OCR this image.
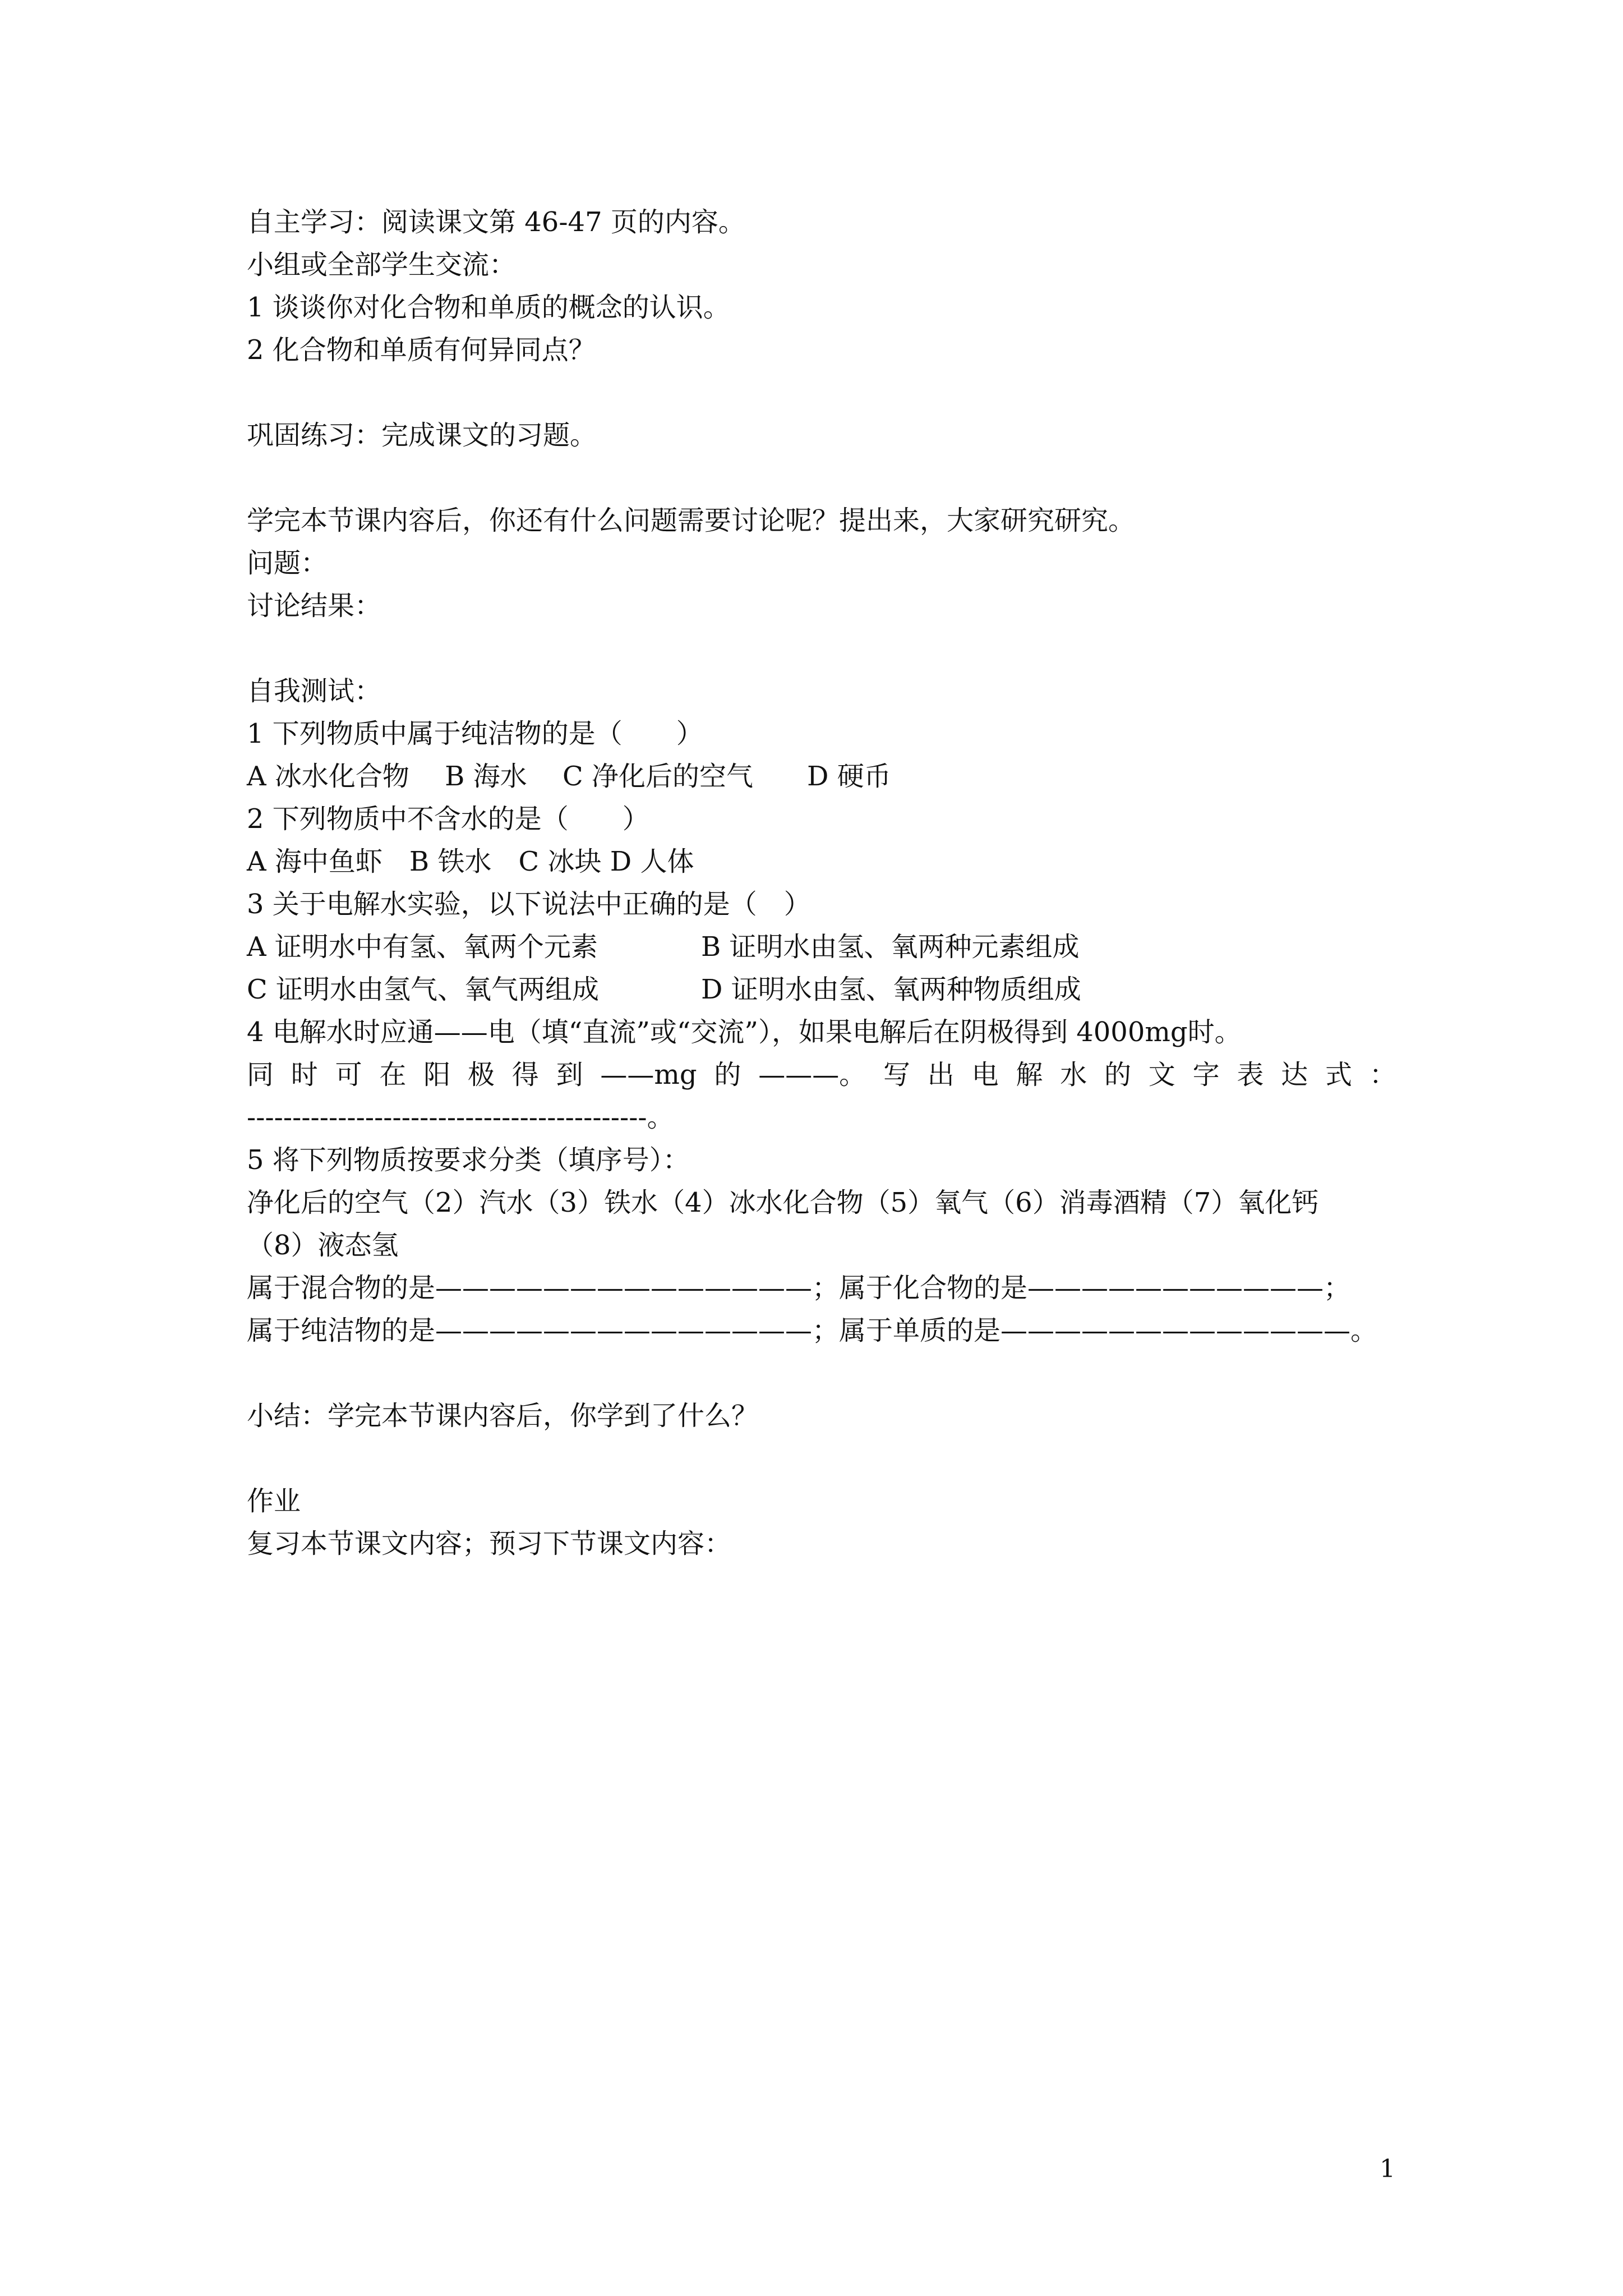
自主学习：阅读课文第 46-47 页的内容。
小组或全部学生交流：
1 谈谈你对化合物和单质的概念的认识。
2 化合物和单质有何异同点？
巩固练习：完成课文的习题。
学完本节课内容后，你还有什么问题需要讨论呢？提出来，大家研究研究。
问题：
讨论结果：
自我测试：
1 下列物质中属于纯洁物的是（　　）
A 冰水化合物　 B 海水　 C 净化后的空气　　D 硬币
2 下列物质中不含水的是（　　）
A 海中鱼虾　B 铁水　C 冰块 D 人体
3 关于电解水实验，以下说法中正确的是（　）
A 证明水中有氢、氧两个元素	B 证明水由氢、氧两种元素组成
C 证明水由氢气、氧气两组成	D 证明水由氢、氧两种物质组成
4 电解水时应通——电（填“直流”或“交流”），如果电解后在阴极得到 4000mg时。
同 时 可 在 阳 极 得 到 ——mg 的 ———。 写 出 电 解 水 的 文 字 表 达 式 ：
--------------------------------------------。
5 将下列物质按要求分类（填序号）：
净化后的空气（2）汽水（3）铁水（4）冰水化合物（5）氧气（6）消毒酒精（7）氧化钙
（8）液态氢
属于混合物的是——————————————；属于化合物的是———————————；
属于纯洁物的是——————————————；属于单质的是—————————————。
小结：学完本节课内容后，你学到了什么？
作业
复习本节课文内容；预习下节课文内容：
1
